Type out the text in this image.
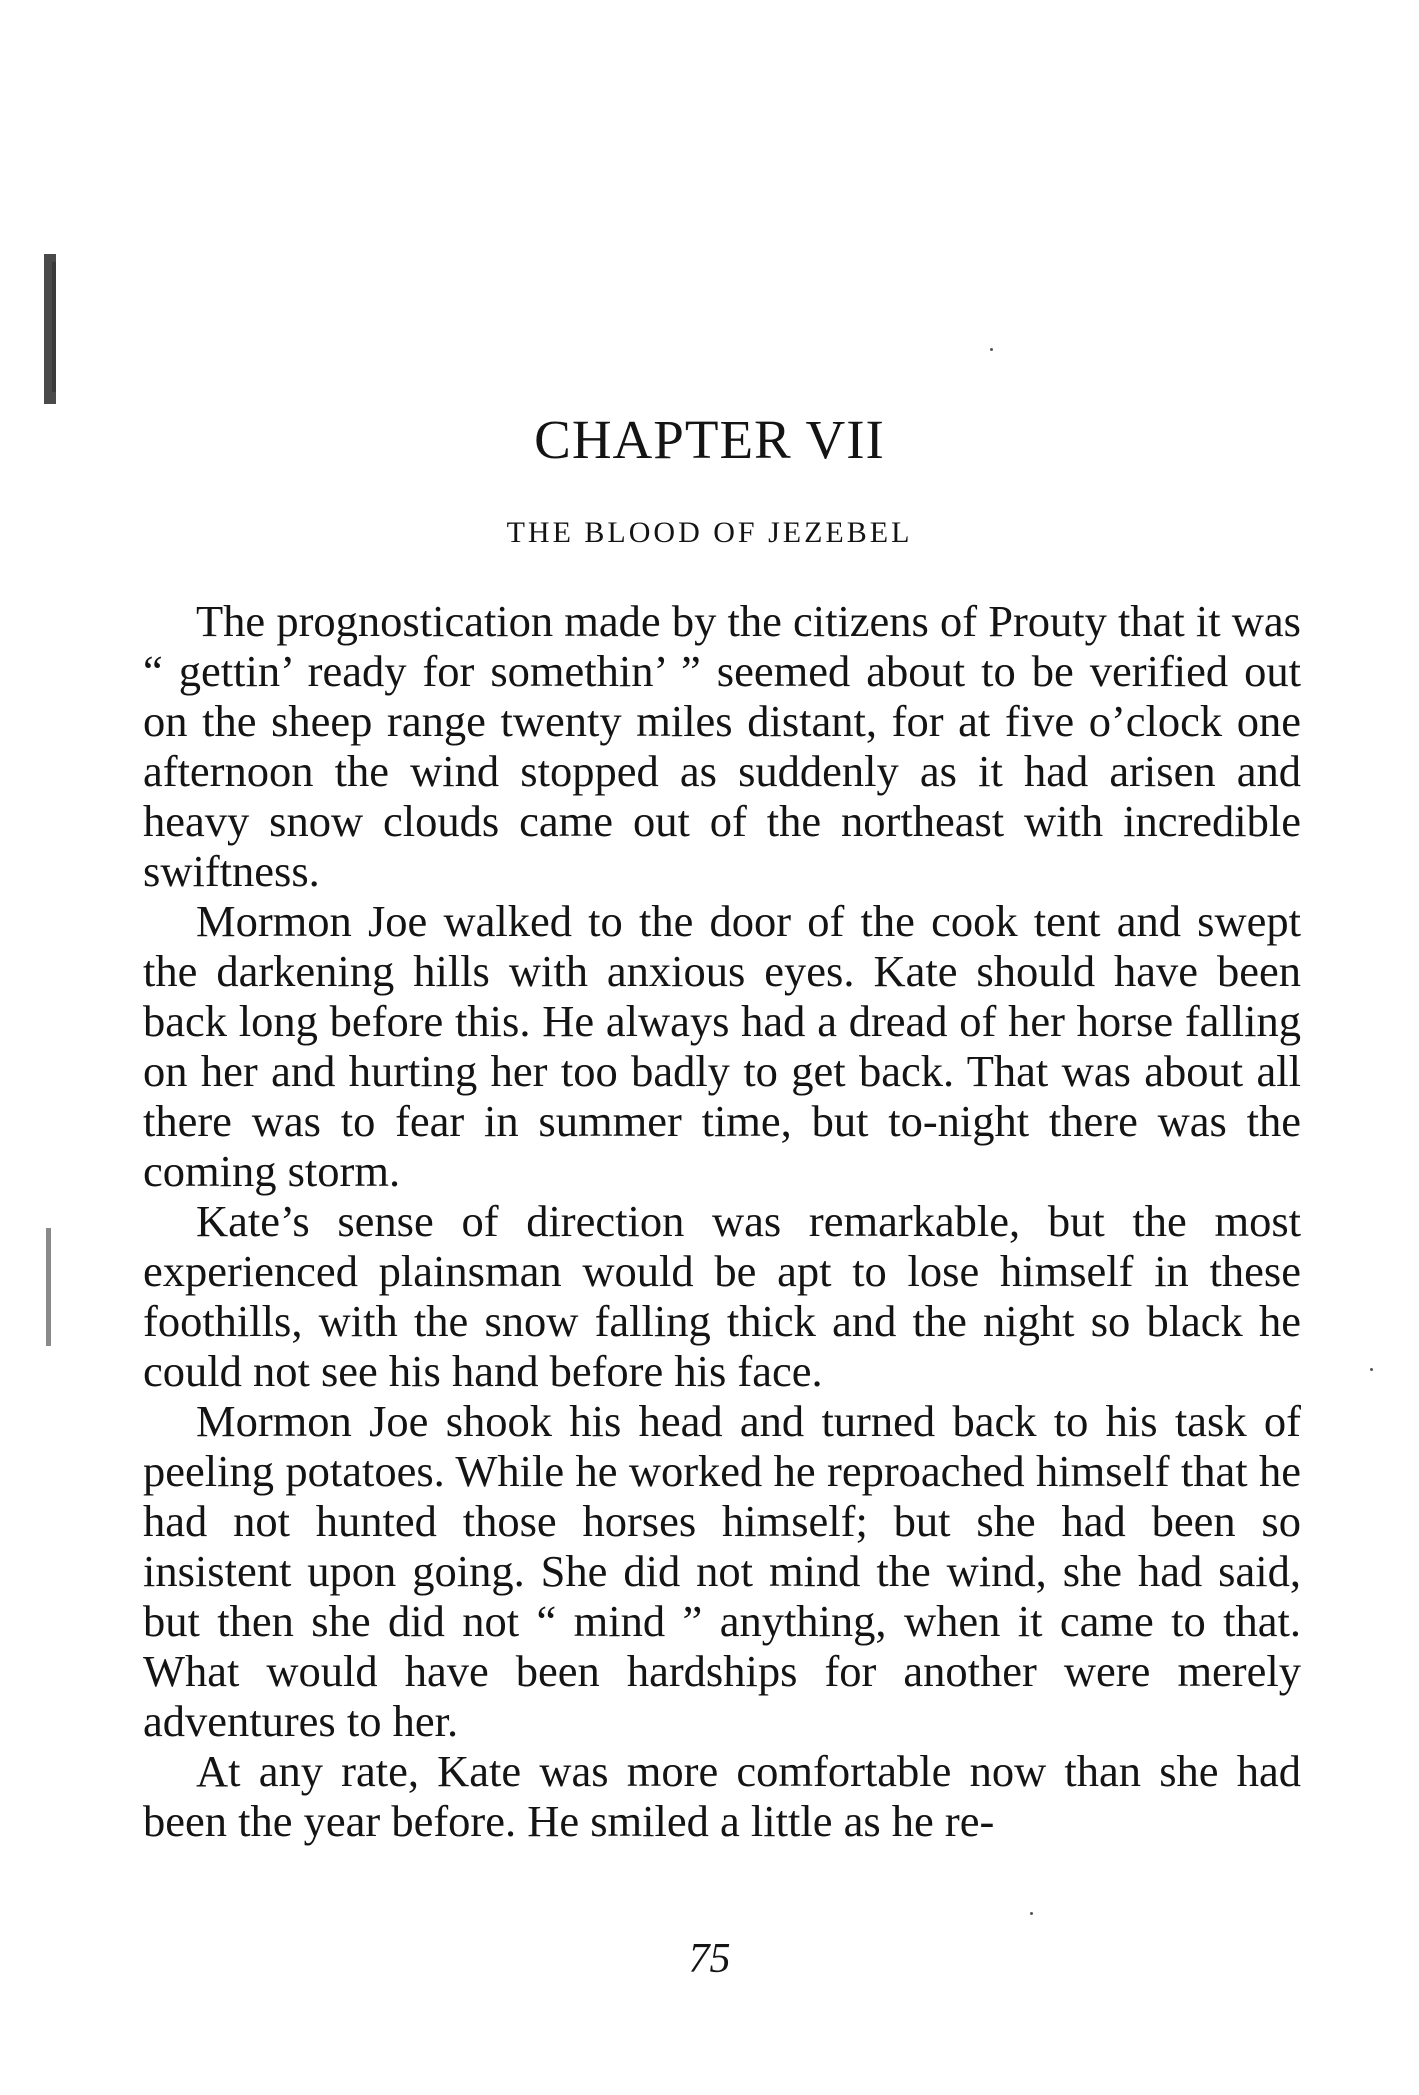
CHAPTER VII
THE BLOOD OF JEZEBEL

The prognostication made by the citizens of Prouty that it was “ gettin’ ready for somethin’ ” seemed about to be verified out on the sheep range twenty miles distant, for at five o’clock one afternoon the wind stopped as suddenly as it had arisen and heavy snow clouds came out of the northeast with incredible swiftness.

Mormon Joe walked to the door of the cook tent and swept the darkening hills with anxious eyes. Kate should have been back long before this. He always had a dread of her horse falling on her and hurting her too badly to get back. That was about all there was to fear in summer time, but to-night there was the coming storm.

Kate’s sense of direction was remarkable, but the most experienced plainsman would be apt to lose himself in these foothills, with the snow falling thick and the night so black he could not see his hand before his face.

Mormon Joe shook his head and turned back to his task of peeling potatoes. While he worked he reproached himself that he had not hunted those horses himself; but she had been so insistent upon going. She did not mind the wind, she had said, but then she did not “ mind ” anything, when it came to that. What would have been hardships for another were merely adventures to her.

At any rate, Kate was more comfortable now than she had been the year before. He smiled a little as he re-

75
